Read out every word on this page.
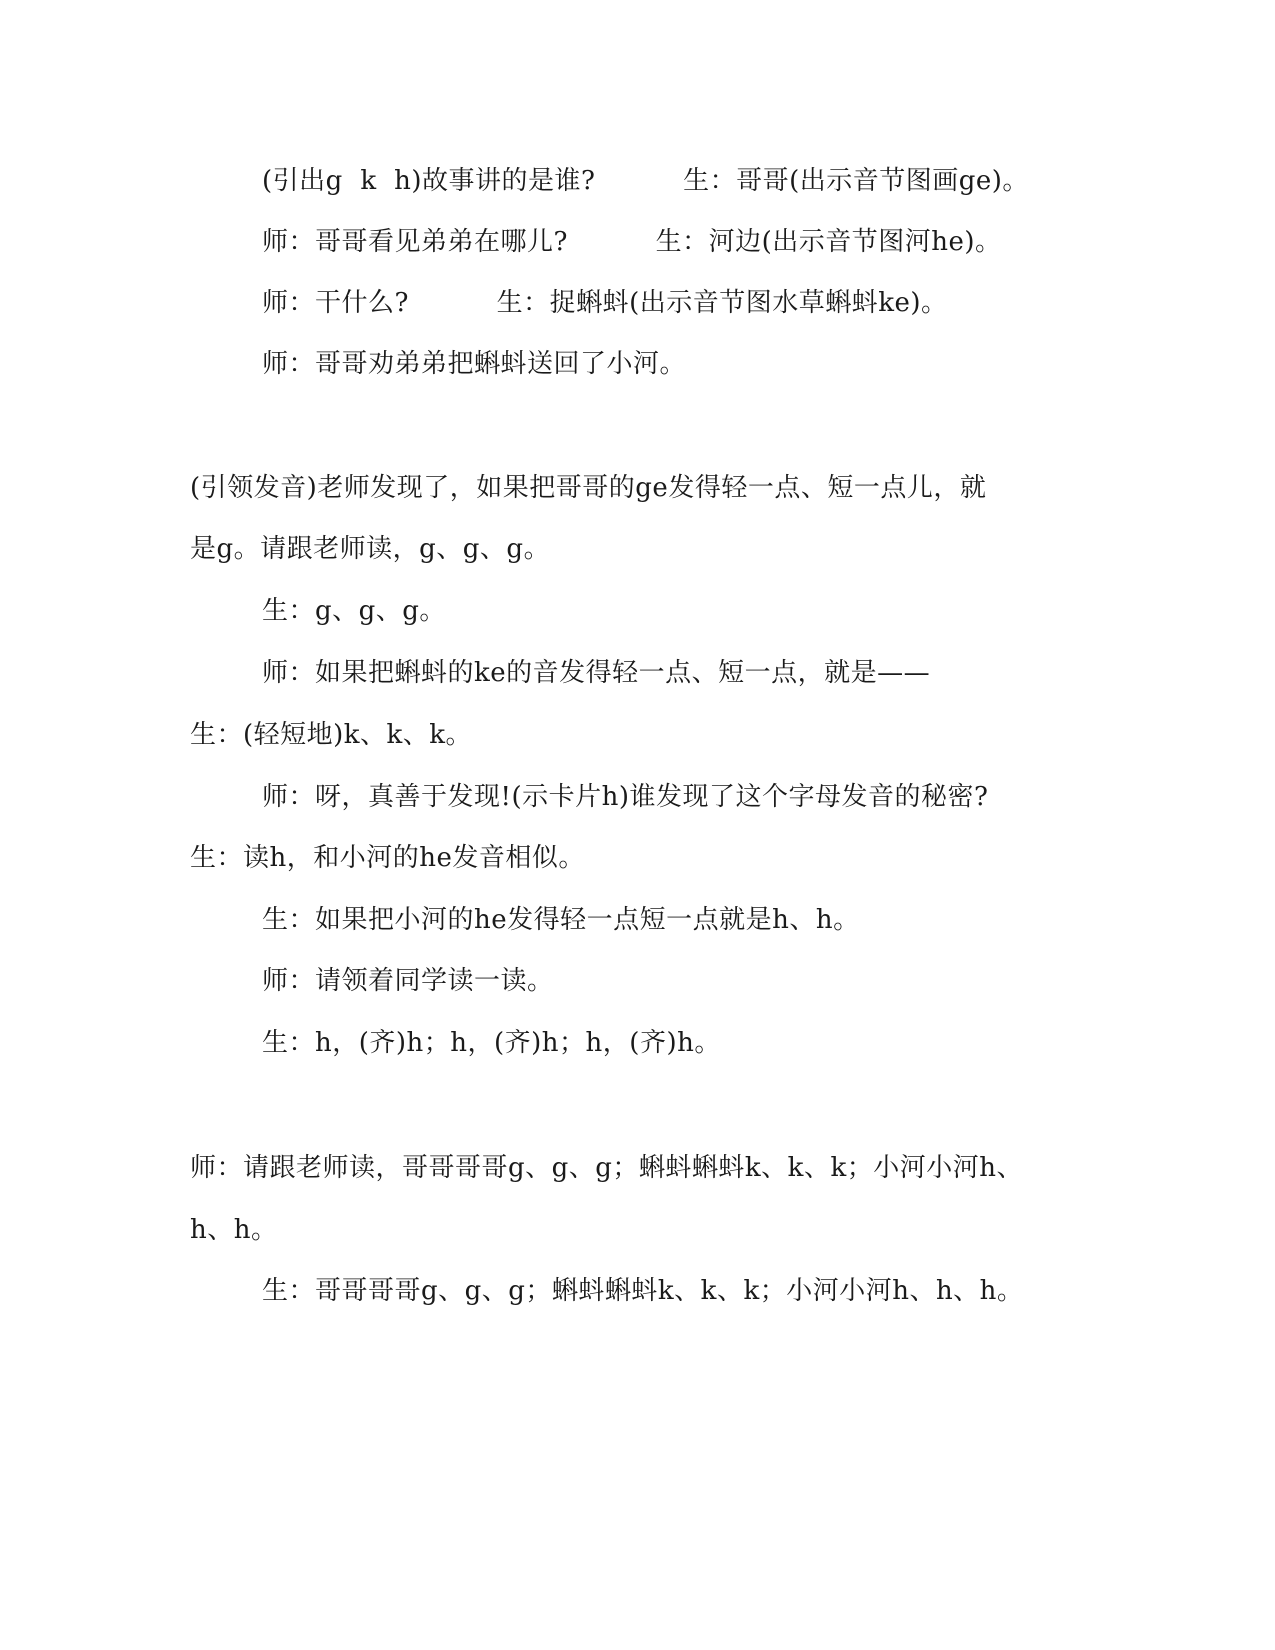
(引出g  k  h)故事讲的是谁?          生：哥哥(出示音节图画ge)。
师：哥哥看见弟弟在哪儿?          生：河边(出示音节图河he)。
师：干什么?          生：捉蝌蚪(出示音节图水草蝌蚪ke)。
师：哥哥劝弟弟把蝌蚪送回了小河。
(引领发音)老师发现了，如果把哥哥的ge发得轻一点、短一点儿，就
是g。请跟老师读，g、g、g。
生：g、g、g。
师：如果把蝌蚪的ke的音发得轻一点、短一点，就是——
生：(轻短地)k、k、k。
师：呀，真善于发现!(示卡片h)谁发现了这个字母发音的秘密?
生：读h，和小河的he发音相似。
生：如果把小河的he发得轻一点短一点就是h、h。
师：请领着同学读一读。
生：h，(齐)h；h，(齐)h；h，(齐)h。
师：请跟老师读，哥哥哥哥g、g、g；蝌蚪蝌蚪k、k、k；小河小河h、
h、h。
生：哥哥哥哥g、g、g；蝌蚪蝌蚪k、k、k；小河小河h、h、h。
